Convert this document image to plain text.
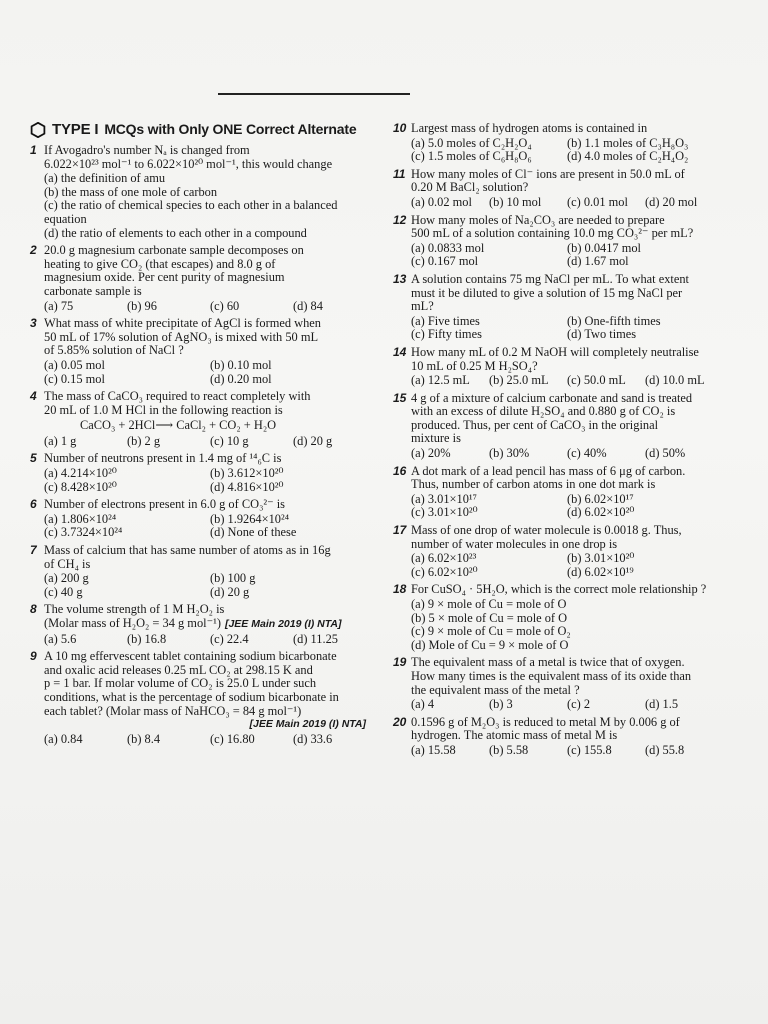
TYPE I MCQs with Only ONE Correct Alternate
1 If Avogadro's number Nₐ is changed from
6.022×10²³ mol⁻¹ to 6.022×10²⁰ mol⁻¹, this would change
(a) the definition of amu
(b) the mass of one mole of carbon
(c) the ratio of chemical species to each other in a balanced equation
(d) the ratio of elements to each other in a compound
2 20.0 g magnesium carbonate sample decomposes on
heating to give CO₂ (that escapes) and 8.0 g of
magnesium oxide. Per cent purity of magnesium
carbonate sample is
(a) 75	(b) 96	(c) 60	(d) 84
3 What mass of white precipitate of AgCl is formed when
50 mL of 17% solution of AgNO₃ is mixed with 50 mL
of 5.85% solution of NaCl ?
(a) 0.05 mol	(b) 0.10 mol
(c) 0.15 mol	(d) 0.20 mol
4 The mass of CaCO₃ required to react completely with
20 mL of 1.0 M HCl in the following reaction is
CaCO₃ + 2HCl⟶ CaCl₂ + CO₂ + H₂O
(a) 1 g	(b) 2 g	(c) 10 g	(d) 20 g
5 Number of neutrons present in 1.4 mg of ¹⁴₆C is
(a) 4.214×10²⁰	(b) 3.612×10²⁰
(c) 8.428×10²⁰	(d) 4.816×10²⁰
6 Number of electrons present in 6.0 g of CO₃²⁻ is
(a) 1.806×10²⁴	(b) 1.9264×10²⁴
(c) 3.7324×10²⁴	(d) None of these
7 Mass of calcium that has same number of atoms as in 16g
of CH₄ is
(a) 200 g	(b) 100 g
(c) 40 g	(d) 20 g
8 The volume strength of 1 M H₂O₂ is
(Molar mass of H₂O₂ = 34 g mol⁻¹) [JEE Main 2019 (I) NTA]
(a) 5.6	(b) 16.8	(c) 22.4	(d) 11.25
9 A 10 mg effervescent tablet containing sodium bicarbonate
and oxalic acid releases 0.25 mL CO₂ at 298.15 K and
p = 1 bar. If molar volume of CO₂ is 25.0 L under such
conditions, what is the percentage of sodium bicarbonate in
each tablet? (Molar mass of NaHCO₃ = 84 g mol⁻¹)
[JEE Main 2019 (I) NTA]
(a) 0.84	(b) 8.4	(c) 16.80	(d) 33.6
10 Largest mass of hydrogen atoms is contained in
(a) 5.0 moles of C₂H₂O₄	(b) 1.1 moles of C₃H₈O₃
(c) 1.5 moles of C₆H₈O₆	(d) 4.0 moles of C₂H₄O₂
11 How many moles of Cl⁻ ions are present in 50.0 mL of
0.20 M BaCl₂ solution?
(a) 0.02 mol	(b) 10 mol	(c) 0.01 mol	(d) 20 mol
12 How many moles of Na₂CO₃ are needed to prepare
500 mL of a solution containing 10.0 mg CO₃²⁻ per mL?
(a) 0.0833 mol	(b) 0.0417 mol
(c) 0.167 mol	(d) 1.67 mol
13 A solution contains 75 mg NaCl per mL. To what extent
must it be diluted to give a solution of 15 mg NaCl per
mL?
(a) Five times	(b) One-fifth times
(c) Fifty times	(d) Two times
14 How many mL of 0.2 M NaOH will completely neutralise
10 mL of 0.25 M H₂SO₄?
(a) 12.5 mL	(b) 25.0 mL	(c) 50.0 mL	(d) 10.0 mL
15 4 g of a mixture of calcium carbonate and sand is treated
with an excess of dilute H₂SO₄ and 0.880 g of CO₂ is
produced. Thus, per cent of CaCO₃ in the original
mixture is
(a) 20%	(b) 30%	(c) 40%	(d) 50%
16 A dot mark of a lead pencil has mass of 6 μg of carbon.
Thus, number of carbon atoms in one dot mark is
(a) 3.01×10¹⁷	(b) 6.02×10¹⁷
(c) 3.01×10²⁰	(d) 6.02×10²⁰
17 Mass of one drop of water molecule is 0.0018 g. Thus,
number of water molecules in one drop is
(a) 6.02×10²³	(b) 3.01×10²⁰
(c) 6.02×10²⁰	(d) 6.02×10¹⁹
18 For CuSO₄ · 5H₂O, which is the correct mole relationship ?
(a) 9 × mole of Cu = mole of O
(b) 5 × mole of Cu = mole of O
(c) 9 × mole of Cu = mole of O₂
(d) Mole of Cu = 9 × mole of O
19 The equivalent mass of a metal is twice that of oxygen.
How many times is the equivalent mass of its oxide than
the equivalent mass of the metal ?
(a) 4	(b) 3	(c) 2	(d) 1.5
20 0.1596 g of M₂O₃ is reduced to metal M by 0.006 g of
hydrogen. The atomic mass of metal M is
(a) 15.58	(b) 5.58	(c) 155.8	(d) 55.8
